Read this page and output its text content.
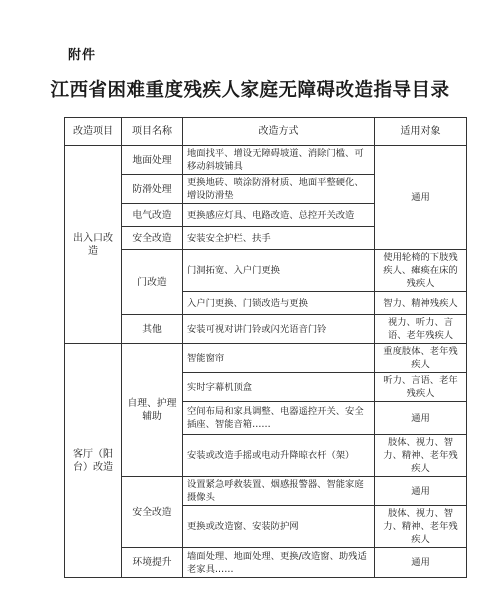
附件
江西省困难重度残疾人家庭无障碍改造指导目录
改造项目	项目名称	改造方式	适用对象
出入口改造	地面处理	地面找平、增设无障碍坡道、消除门槛、可移动斜坡铺具	通用
	防滑处理	更换地砖、喷涂防滑材质、地面平整硬化、增设防滑垫	
	电气改造	更换感应灯具、电路改造、总控开关改造	
	安全改造	安装安全护栏、扶手	
	门改造	门洞拓宽、入户门更换	使用轮椅的下肢残疾人、瘫痪在床的残疾人
		入户门更换、门锁改造与更换	智力、精神残疾人
	其他	安装可视对讲门铃或闪光语音门铃	视力、听力、言语、老年残疾人
客厅（阳台）改造	自理、护理辅助	智能窗帘	重度肢体、老年残疾人
		实时字幕机顶盒	听力、言语、老年残疾人
		空间布局和家具调整、电器遥控开关、安全插座、智能音箱……	通用
		安装或改造手摇或电动升降晾衣杆（架）	肢体、视力、智力、精神、老年残疾人
	安全改造	设置紧急呼救装置、烟感报警器、智能家庭摄像头	通用
		更换或改造窗、安装防护网	肢体、视力、智力、精神、老年残疾人
	环境提升	墙面处理、地面处理、更换/改造窗、助残适老家具……	通用
